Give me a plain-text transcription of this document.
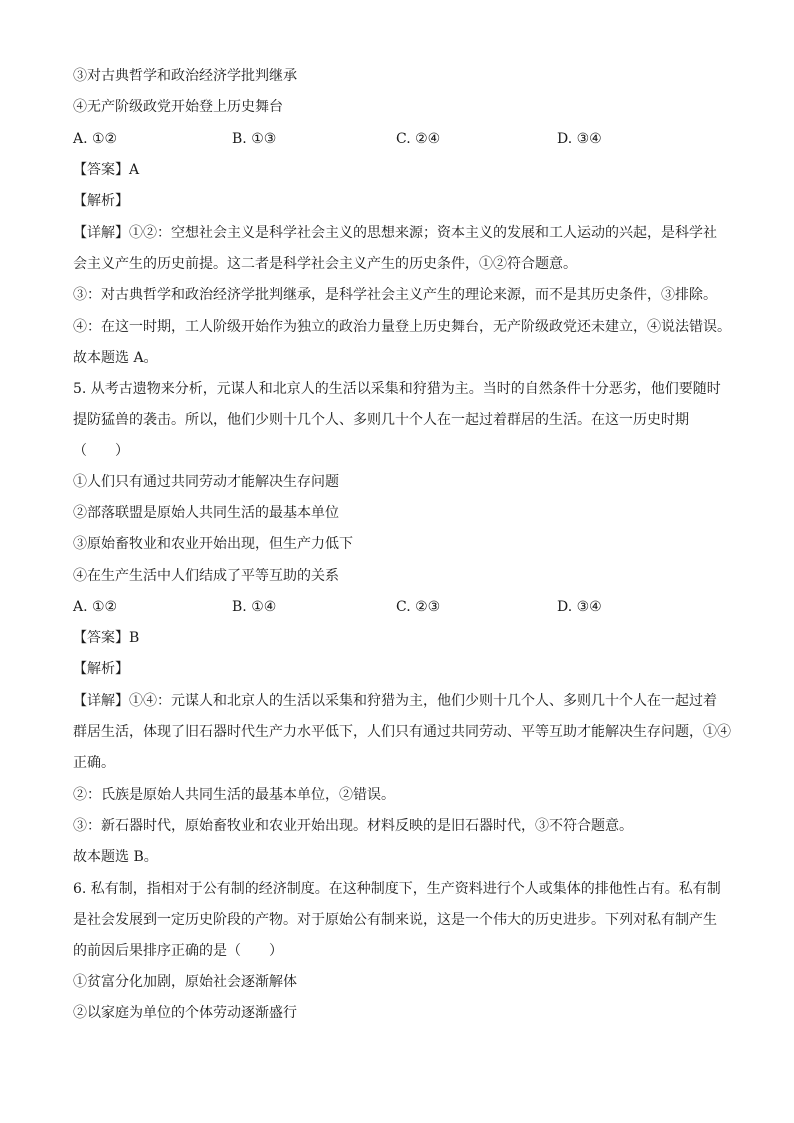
③对古典哲学和政治经济学批判继承
④无产阶级政党开始登上历史舞台
A. ①②	B. ①③	C. ②④	D. ③④
【答案】A
【解析】
【详解】①②：空想社会主义是科学社会主义的思想来源；资本主义的发展和工人运动的兴起，是科学社
会主义产生的历史前提。这二者是科学社会主义产生的历史条件，①②符合题意。
③：对古典哲学和政治经济学批判继承，是科学社会主义产生的理论来源，而不是其历史条件，③排除。
④：在这一时期，工人阶级开始作为独立的政治力量登上历史舞台，无产阶级政党还未建立，④说法错误。
故本题选 A。
5. 从考古遗物来分析，元谋人和北京人的生活以采集和狩猎为主。当时的自然条件十分恶劣，他们要随时
提防猛兽的袭击。所以，他们少则十几个人、多则几十个人在一起过着群居的生活。在这一历史时期
（　　）
①人们只有通过共同劳动才能解决生存问题
②部落联盟是原始人共同生活的最基本单位
③原始畜牧业和农业开始出现，但生产力低下
④在生产生活中人们结成了平等互助的关系
A. ①②	B. ①④	C. ②③	D. ③④
【答案】B
【解析】
【详解】①④：元谋人和北京人的生活以采集和狩猎为主，他们少则十几个人、多则几十个人在一起过着
群居生活，体现了旧石器时代生产力水平低下，人们只有通过共同劳动、平等互助才能解决生存问题，①④
正确。
②：氏族是原始人共同生活的最基本单位，②错误。
③：新石器时代，原始畜牧业和农业开始出现。材料反映的是旧石器时代，③不符合题意。
故本题选 B。
6. 私有制，指相对于公有制的经济制度。在这种制度下，生产资料进行个人或集体的排他性占有。私有制
是社会发展到一定历史阶段的产物。对于原始公有制来说，这是一个伟大的历史进步。下列对私有制产生
的前因后果排序正确的是（　　）
①贫富分化加剧，原始社会逐渐解体
②以家庭为单位的个体劳动逐渐盛行
